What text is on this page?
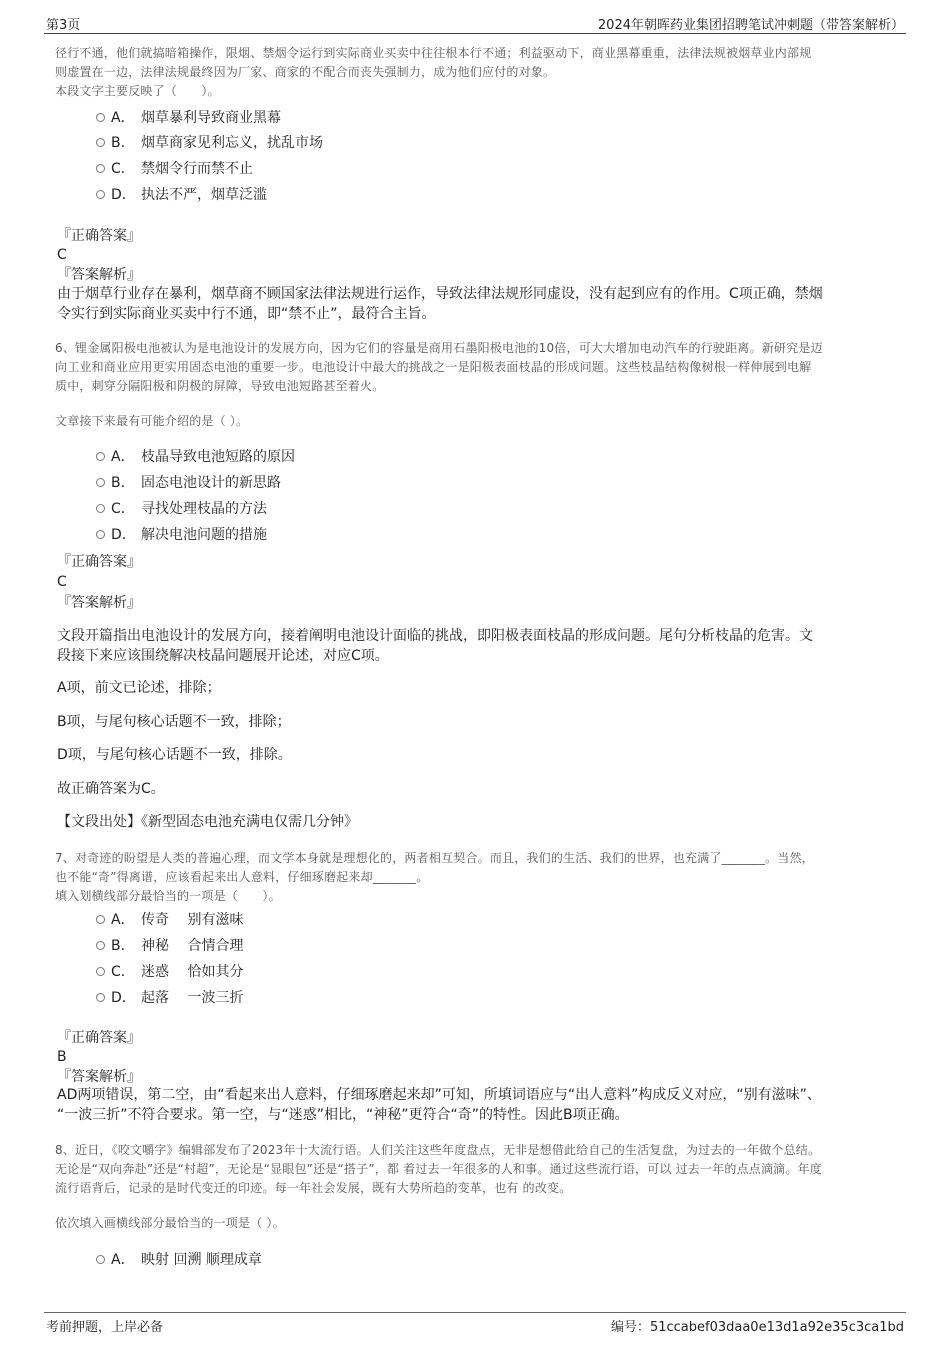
第3页	2024年朝晖药业集团招聘笔试冲刺题（带答案解析）
径行不通，他们就搞暗箱操作，限烟、禁烟令运行到实际商业买卖中往往根本行不通；利益驱动下，商业黑幕重重，法律法规被烟草业内部规
则虚置在一边，法律法规最终因为厂家、商家的不配合而丧失强制力，成为他们应付的对象。
本段文字主要反映了（　　）。
A． 烟草暴利导致商业黑幕
B． 烟草商家见利忘义，扰乱市场
C． 禁烟令行而禁不止
D． 执法不严，烟草泛滥
『正确答案』
C
『答案解析』
由于烟草行业存在暴利，烟草商不顾国家法律法规进行运作，导致法律法规形同虚设，没有起到应有的作用。C项正确，禁烟
令实行到实际商业买卖中行不通，即“禁不止”，最符合主旨。
6、锂金属阳极电池被认为是电池设计的发展方向，因为它们的容量是商用石墨阳极电池的10倍，可大大增加电动汽车的行驶距离。新研究是迈
向工业和商业应用更实用固态电池的重要一步。电池设计中最大的挑战之一是阳极表面枝晶的形成问题。这些枝晶结构像树根一样伸展到电解
质中，刺穿分隔阳极和阴极的屏障，导致电池短路甚至着火。
文章接下来最有可能介绍的是（ ）。
A． 枝晶导致电池短路的原因
B． 固态电池设计的新思路
C． 寻找处理枝晶的方法
D． 解决电池问题的措施
『正确答案』
C
『答案解析』
文段开篇指出电池设计的发展方向，接着阐明电池设计面临的挑战，即阳极表面枝晶的形成问题。尾句分析枝晶的危害。文
段接下来应该围绕解决枝晶问题展开论述，对应C项。
A项，前文已论述，排除；
B项，与尾句核心话题不一致，排除；
D项，与尾句核心话题不一致，排除。
故正确答案为C。
【文段出处】《新型固态电池充满电仅需几分钟》
7、对奇迹的盼望是人类的普遍心理，而文学本身就是理想化的，两者相互契合。而且，我们的生活、我们的世界，也充满了_______。当然，
也不能“奇”得离谱，应该看起来出人意料，仔细琢磨起来却_______。
填入划横线部分最恰当的一项是（　　）。
A． 传奇　 别有滋味
B． 神秘　 合情合理
C． 迷惑　 恰如其分
D． 起落　 一波三折
『正确答案』
B
『答案解析』
AD两项错误，第二空，由“看起来出人意料，仔细琢磨起来却”可知，所填词语应与“出人意料”构成反义对应，“别有滋味”、
“一波三折”不符合要求。第一空，与“迷惑”相比，“神秘”更符合“奇”的特性。因此B项正确。
8、近日，《咬文嚼字》编辑部发布了2023年十大流行语。人们关注这些年度盘点，无非是想借此给自己的生活复盘，为过去的一年做个总结。
无论是“双向奔赴”还是“村超”，无论是“显眼包”还是“搭子”，都 着过去一年很多的人和事。通过这些流行语，可以 过去一年的点点滴滴。年度
流行语背后，记录的是时代变迁的印迹。每一年社会发展，既有大势所趋的变革，也有 的改变。
依次填入画横线部分最恰当的一项是（ ）。
A． 映射 回溯 顺理成章
考前押题，上岸必备	编号：51ccabef03daa0e13d1a92e35c3ca1bd
